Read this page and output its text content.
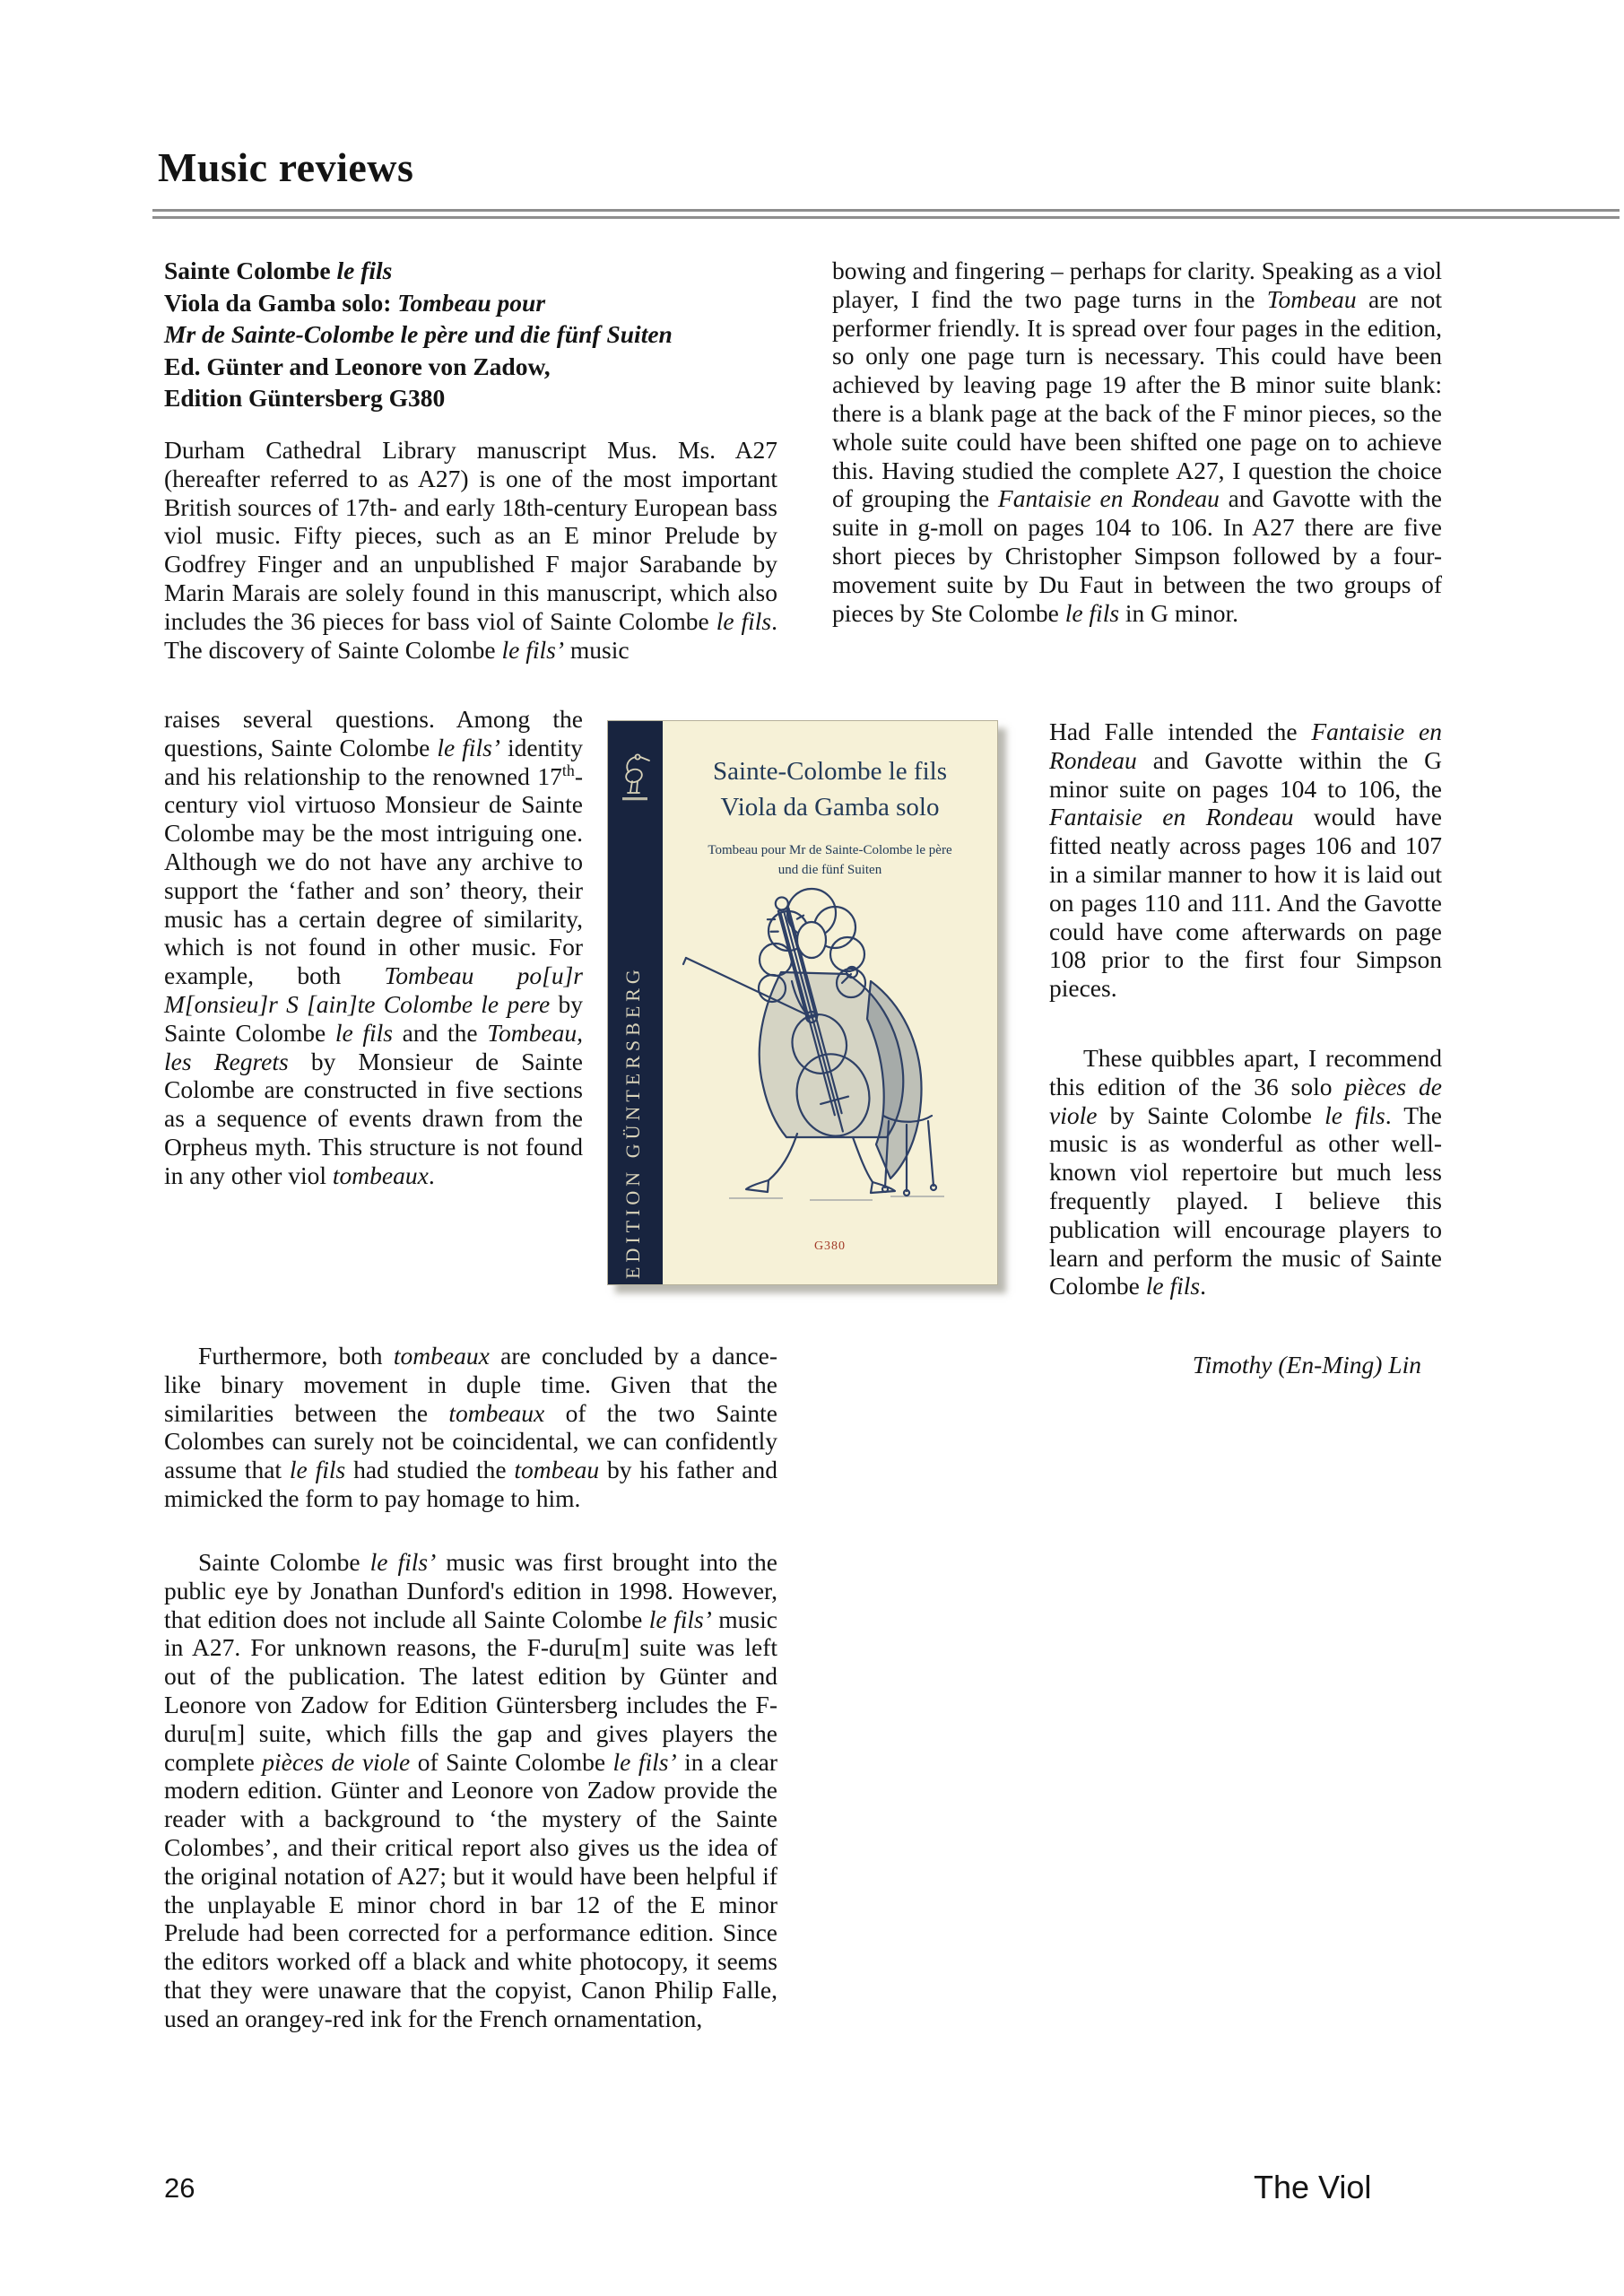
Music reviews
Sainte Colombe le fils
Viola da Gamba solo: Tombeau pour
Mr de Sainte-Colombe le père und die fünf Suiten
Ed. Günter and Leonore von Zadow,
Edition Güntersberg G380
Durham Cathedral Library manuscript Mus. Ms. A27 (hereafter referred to as A27) is one of the most important British sources of 17th- and early 18th-century European bass viol music. Fifty pieces, such as an E minor Prelude by Godfrey Finger and an unpublished F major Sarabande by Marin Marais are solely found in this manuscript, which also includes the 36 pieces for bass viol of Sainte Colombe le fils. The discovery of Sainte Colombe le fils’ music
raises several questions. Among the questions, Sainte Colombe le fils’ identity and his relationship to the renowned 17th-century viol virtuoso Monsieur de Sainte Colombe may be the most intriguing one. Although we do not have any archive to support the ‘father and son’ theory, their music has a certain degree of similarity, which is not found in other music. For example, both Tombeau po[u]r M[onsieu]r S [ain]te Colombe le pere by Sainte Colombe le fils and the Tombeau, les Regrets by Monsieur de Sainte Colombe are constructed in five sections as a sequence of events drawn from the Orpheus myth. This structure is not found in any other viol tombeaux.
Furthermore, both tombeaux are concluded by a dance-like binary movement in duple time. Given that the similarities between the tombeaux of the two Sainte Colombes can surely not be coincidental, we can confidently assume that le fils had studied the tombeau by his father and mimicked the form to pay homage to him.
Sainte Colombe le fils’ music was first brought into the public eye by Jonathan Dunford's edition in 1998. However, that edition does not include all Sainte Colombe le fils’ music in A27. For unknown reasons, the F-duru[m] suite was left out of the publication. The latest edition by Günter and Leonore von Zadow for Edition Güntersberg includes the F-duru[m] suite, which fills the gap and gives players the complete pièces de viole of Sainte Colombe le fils’ in a clear modern edition. Günter and Leonore von Zadow provide the reader with a background to ‘the mystery of the Sainte Colombes’, and their critical report also gives us the idea of the original notation of A27; but it would have been helpful if the unplayable E minor chord in bar 12 of the E minor Prelude had been corrected for a performance edition. Since the editors worked off a black and white photocopy, it seems that they were unaware that the copyist, Canon Philip Falle, used an orangey-red ink for the French ornamentation,
bowing and fingering – perhaps for clarity. Speaking as a viol player, I find the two page turns in the Tombeau are not performer friendly. It is spread over four pages in the edition, so only one page turn is necessary. This could have been achieved by leaving page 19 after the B minor suite blank: there is a blank page at the back of the F minor pieces, so the whole suite could have been shifted one page on to achieve this. Having studied the complete A27, I question the choice of grouping the Fantaisie en Rondeau and Gavotte with the suite in g-moll on pages 104 to 106. In A27 there are five short pieces by Christopher Simpson followed by a four-movement suite by Du Faut in between the two groups of pieces by Ste Colombe le fils in G minor.
Had Falle intended the Fantaisie en Rondeau and Gavotte within the G minor suite on pages 104 to 106, the Fantaisie en Rondeau would have fitted neatly across pages 106 and 107 in a similar manner to how it is laid out on pages 110 and 111. And the Gavotte could have come afterwards on page 108 prior to the first four Simpson pieces.
These quibbles apart, I recommend this edition of the 36 solo pièces de viole by Sainte Colombe le fils. The music is as wonderful as other well-known viol repertoire but much less frequently played. I believe this publication will encourage players to learn and perform the music of Sainte Colombe le fils.
Timothy (En-Ming) Lin
EDITION GÜNTERSBERG
Sainte-Colombe le fils
Viola da Gamba solo
Tombeau pour Mr de Sainte-Colombe le père
und die fünf Suiten
G380
26	The Viol
